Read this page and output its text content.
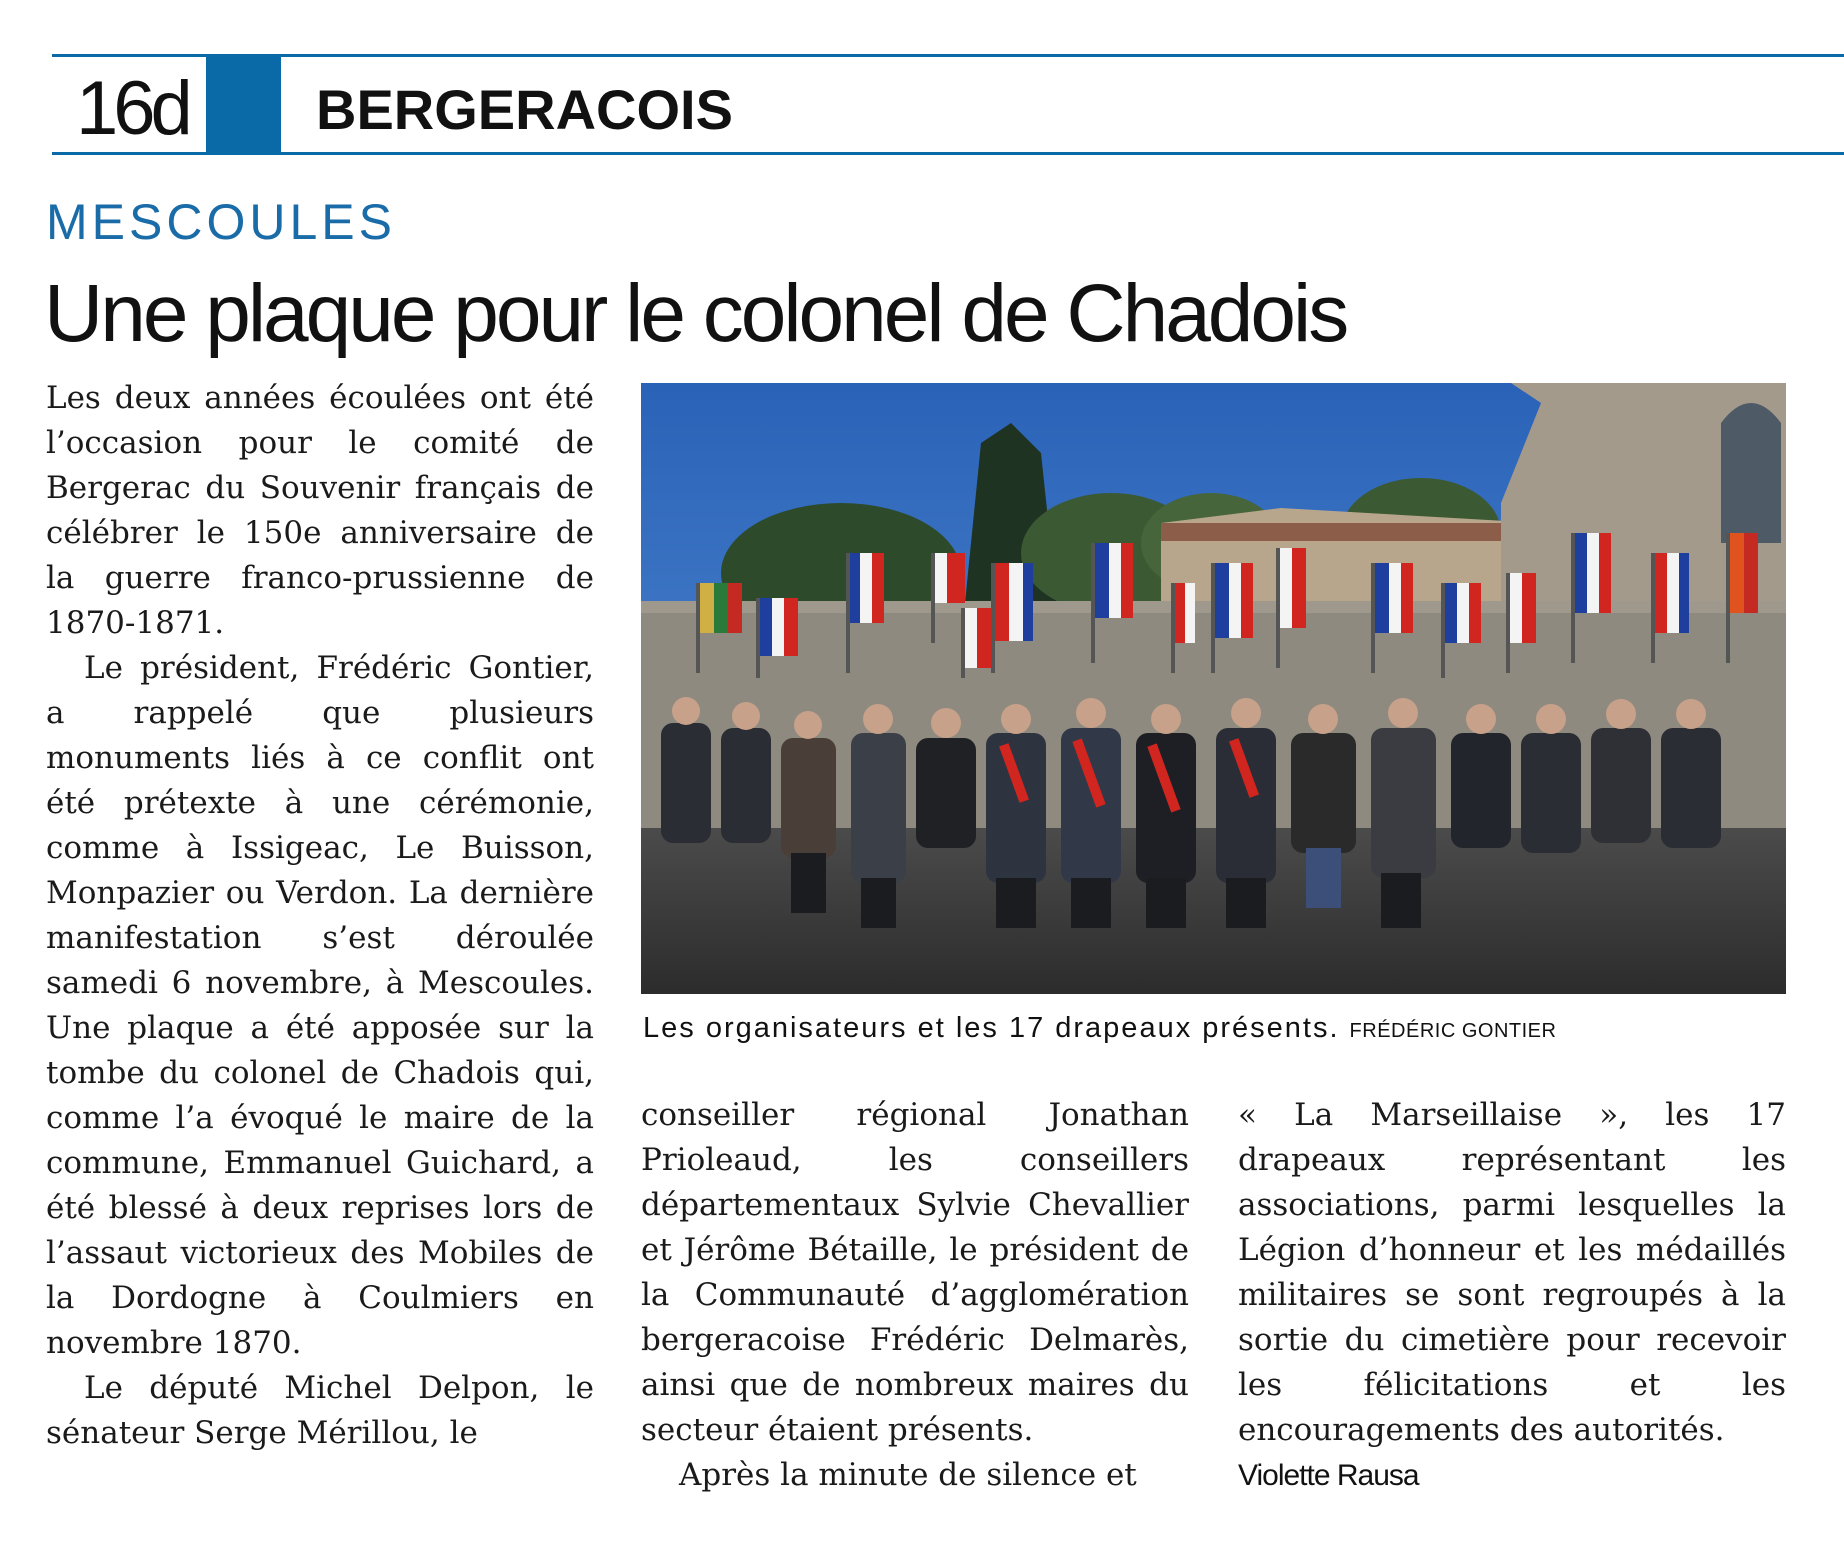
16d BERGERACOIS
MESCOULES
Une plaque pour le colonel de Chadois

Les deux années écoulées ont été l’occasion pour le comité de Bergerac du Souvenir français de célébrer le 150e anniversaire de la guerre franco-prussienne de 1870-1871.

Le président, Frédéric Gontier, a rappelé que plusieurs monuments liés à ce conflit ont été prétexte à une cérémonie, comme à Issigeac, Le Buisson, Monpazier ou Verdon. La dernière manifestation s’est déroulée samedi 6 novembre, à Mescoules. Une plaque a été apposée sur la tombe du colonel de Chadois qui, comme l’a évoqué le maire de la commune, Emmanuel Guichard, a été blessé à deux reprises lors de l’assaut victorieux des Mobiles de la Dordogne à Coulmiers en novembre 1870.

Le député Michel Delpon, le sénateur Serge Mérillou, le

Les organisateurs et les 17 drapeaux présents. FRÉDÉRIC GONTIER

conseiller régional Jonathan Prioleaud, les conseillers départementaux Sylvie Chevallier et Jérôme Bétaille, le président de la Communauté d’agglomération bergeracoise Frédéric Delmarès, ainsi que de nombreux maires du secteur étaient présents.

Après la minute de silence et

« La Marseillaise », les 17 drapeaux représentant les associations, parmi lesquelles la Légion d’honneur et les médaillés militaires se sont regroupés à la sortie du cimetière pour recevoir les félicitations et les encouragements des autorités.

Violette Rausa
